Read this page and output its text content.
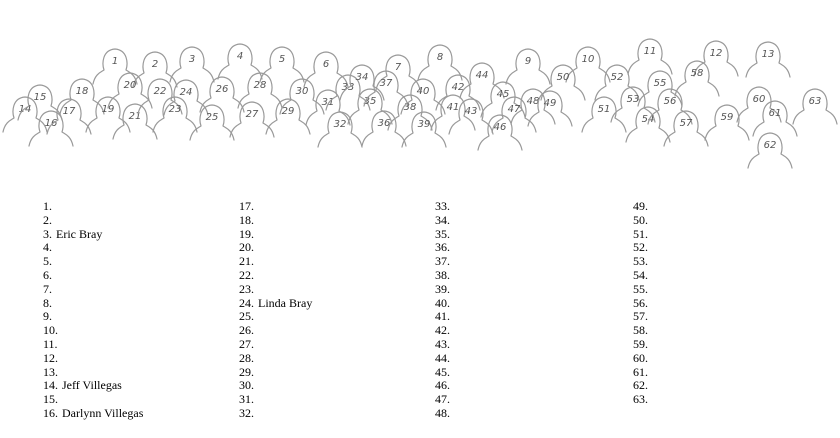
1	2	3	4	5	6	7
8	9	10
11	12	13
14
15
16
17
18
19
20
21
22
23
24
25
26
27
28
29
30
31
32
33
34
35
36
37
38
39
40
41
42
43
44
45
46
47
48 49
50
51
52
53
54
55
56
57
58
59
60
61
62
63
1.
2.
3. Eric Bray
4.
5.
6.
7.
8.
9.
10.
11.
12.
13.
14. Jeff Villegas
15.
16. Darlynn Villegas
17.
18.
19.
20.
21.
22.
23.
24. Linda Bray
25.
26.
27.
28.
29.
30.
31.
32.
33.
34.
35.
36.
37.
38.
39.
40.
41.
42.
43.
44.
45.
46.
47.
48.
49.
50.
51.
52.
53.
54.
55.
56.
57.
58.
59.
60.
61.
62.
63.
